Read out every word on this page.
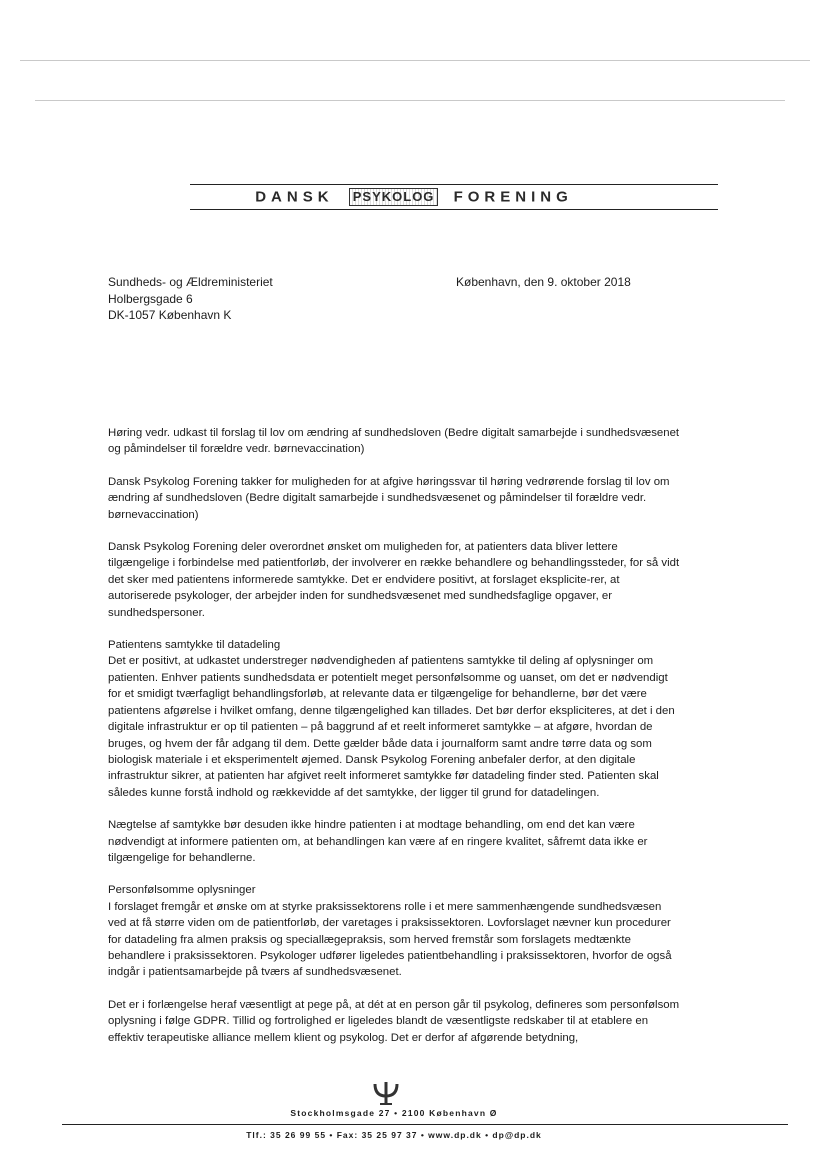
DANSK PSYKOLOG FORENING
Sundheds- og Ældreministeriet
Holbergsgade 6
DK-1057 København K
København, den 9. oktober 2018

Høring vedr. udkast til forslag til lov om ændring af sundhedsloven (Bedre digitalt samarbejde i sundhedsvæsenet og påmindelser til forældre vedr. børnevaccination)

Dansk Psykolog Forening takker for muligheden for at afgive høringssvar til høring vedrørende forslag til lov om ændring af sundhedsloven (Bedre digitalt samarbejde i sundhedsvæsenet og påmindelser til forældre vedr. børnevaccination)

Dansk Psykolog Forening deler overordnet ønsket om muligheden for, at patienters data bliver lettere tilgængelige i forbindelse med patientforløb, der involverer en række behandlere og behandlingssteder, for så vidt det sker med patientens informerede samtykke. Det er endvidere positivt, at forslaget eksplicite-rer, at autoriserede psykologer, der arbejder inden for sundhedsvæsenet med sundhedsfaglige opgaver, er sundhedspersoner.

Patientens samtykke til datadeling

Det er positivt, at udkastet understreger nødvendigheden af patientens samtykke til deling af oplysninger om patienten. Enhver patients sundhedsdata er potentielt meget personfølsomme og uanset, om det er nødvendigt for et smidigt tværfagligt behandlingsforløb, at relevante data er tilgængelige for behandlerne, bør det være patientens afgørelse i hvilket omfang, denne tilgængelighed kan tillades. Det bør derfor ekspliciteres, at det i den digitale infrastruktur er op til patienten – på baggrund af et reelt informeret samtykke – at afgøre, hvordan de bruges, og hvem der får adgang til dem. Dette gælder både data i journalform samt andre tørre data og som biologisk materiale i et eksperimentelt øjemed. Dansk Psykolog Forening anbefaler derfor, at den digitale infrastruktur sikrer, at patienten har afgivet reelt informeret samtykke før datadeling finder sted. Patienten skal således kunne forstå indhold og rækkevidde af det samtykke, der ligger til grund for datadelingen.

Nægtelse af samtykke bør desuden ikke hindre patienten i at modtage behandling, om end det kan være nødvendigt at informere patienten om, at behandlingen kan være af en ringere kvalitet, såfremt data ikke er tilgængelige for behandlerne.

Personfølsomme oplysninger

I forslaget fremgår et ønske om at styrke praksissektorens rolle i et mere sammenhængende sundhedsvæsen ved at få større viden om de patientforløb, der varetages i praksissektoren. Lovforslaget nævner kun procedurer for datadeling fra almen praksis og speciallægepraksis, som herved fremstår som forslagets medtænkte behandlere i praksissektoren. Psykologer udfører ligeledes patientbehandling i praksissektoren, hvorfor de også indgår i patientsamarbejde på tværs af sundhedsvæsenet.

Det er i forlængelse heraf væsentligt at pege på, at dét at en person går til psykolog, defineres som personfølsom oplysning i følge GDPR. Tillid og fortrolighed er ligeledes blandt de væsentligste redskaber til at etablere en effektiv terapeutiske alliance mellem klient og psykolog. Det er derfor af afgørende betydning,

Stockholmsgade 27 • 2100 København Ø
Tlf.: 35 26 99 55 • Fax: 35 25 97 37 • www.dp.dk • dp@dp.dk
